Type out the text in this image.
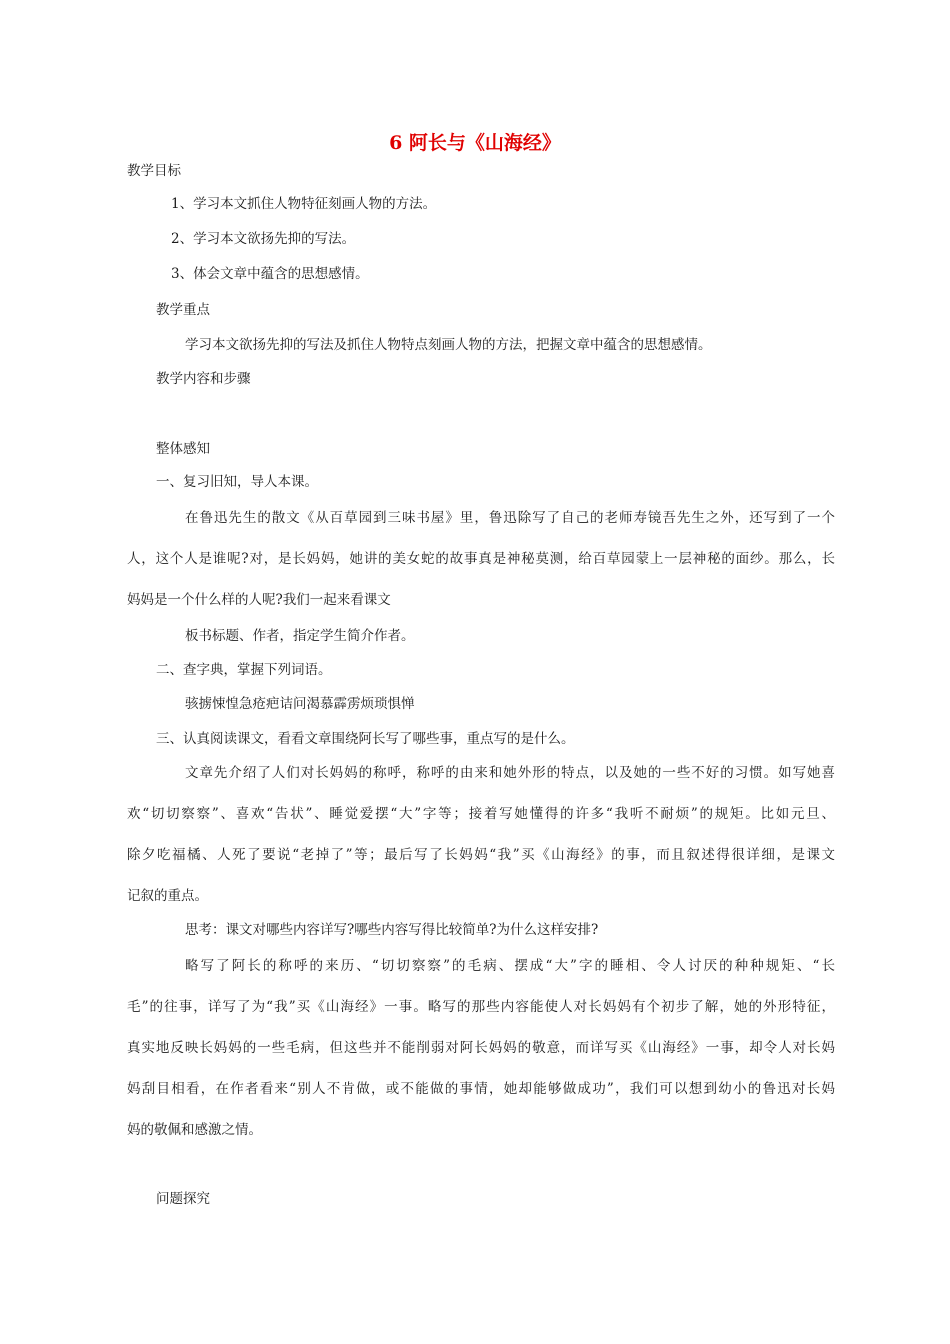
6 阿长与《山海经》
教学目标
1、学习本文抓住人物特征刻画人物的方法。
2、学习本文欲扬先抑的写法。
3、体会文章中蕴含的思想感情。
教学重点
学习本文欲扬先抑的写法及抓住人物特点刻画人物的方法，把握文章中蕴含的思想感情。
教学内容和步骤
整体感知
一、复习旧知，导人本课。
在鲁迅先生的散文《从百草园到三味书屋》里，鲁迅除写了自己的老师寿镜吾先生之外，还写到了一个
人，这个人是谁呢?对，是长妈妈，她讲的美女蛇的故事真是神秘莫测，给百草园蒙上一层神秘的面纱。那么，长
妈妈是一个什么样的人呢?我们一起来看课文
板书标题、作者，指定学生简介作者。
二、查字典，掌握下列词语。
骇掳悚惶急疮疤诘问渴慕霹雳烦琐惧惮
三、认真阅读课文，看看文章围绕阿长写了哪些事，重点写的是什么。
文章先介绍了人们对长妈妈的称呼，称呼的由来和她外形的特点，以及她的一些不好的习惯。如写她喜
欢“切切察察”、喜欢“告状”、睡觉爱摆“大”字等；接着写她懂得的许多“我听不耐烦”的规矩。比如元旦、
除夕吃福橘、人死了要说“老掉了”等；最后写了长妈妈“我”买《山海经》的事，而且叙述得很详细，是课文
记叙的重点。
思考：课文对哪些内容详写?哪些内容写得比较简单?为什么这样安排?
略写了阿长的称呼的来历、“切切察察”的毛病、摆成“大”字的睡相、令人讨厌的种种规矩、“长
毛”的往事，详写了为“我”买《山海经》一事。略写的那些内容能使人对长妈妈有个初步了解，她的外形特征，
真实地反映长妈妈的一些毛病，但这些并不能削弱对阿长妈妈的敬意，而详写买《山海经》一事，却令人对长妈
妈刮目相看，在作者看来“别人不肯做，或不能做的事情，她却能够做成功”，我们可以想到幼小的鲁迅对长妈
妈的敬佩和感激之情。
问题探究
